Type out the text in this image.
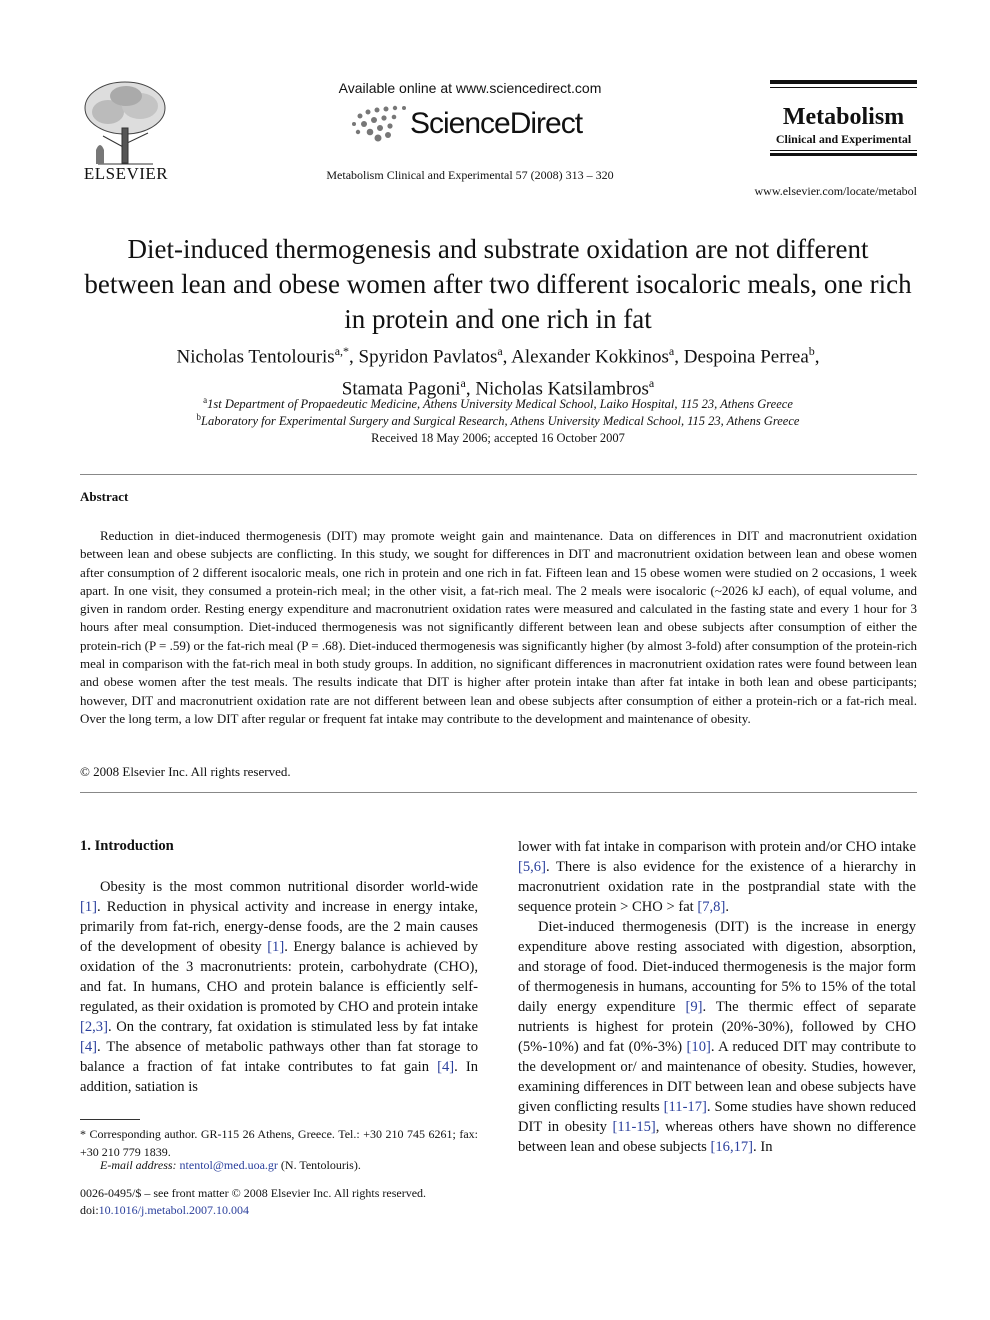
ELSEVIER
Available online at www.sciencedirect.com
ScienceDirect
Metabolism Clinical and Experimental 57 (2008) 313 – 320
Metabolism
Clinical and Experimental
www.elsevier.com/locate/metabol
Diet-induced thermogenesis and substrate oxidation are not different between lean and obese women after two different isocaloric meals, one rich in protein and one rich in fat
Nicholas Tentolouris$^{a,*}$, Spyridon Pavlatos$^a$, Alexander Kokkinos$^a$, Despoina Perrea$^b$,
Stamata Pagoni$^a$, Nicholas Katsilambros$^a$
$^a$1st Department of Propaedeutic Medicine, Athens University Medical School, Laiko Hospital, 115 23, Athens Greece
$^b$Laboratory for Experimental Surgery and Surgical Research, Athens University Medical School, 115 23, Athens Greece
Received 18 May 2006; accepted 16 October 2007
Abstract
Reduction in diet-induced thermogenesis (DIT) may promote weight gain and maintenance. Data on differences in DIT and macronutrient oxidation between lean and obese subjects are conflicting. In this study, we sought for differences in DIT and macronutrient oxidation between lean and obese women after consumption of 2 different isocaloric meals, one rich in protein and one rich in fat. Fifteen lean and 15 obese women were studied on 2 occasions, 1 week apart. In one visit, they consumed a protein-rich meal; in the other visit, a fat-rich meal. The 2 meals were isocaloric (~2026 kJ each), of equal volume, and given in random order. Resting energy expenditure and macronutrient oxidation rates were measured and calculated in the fasting state and every 1 hour for 3 hours after meal consumption. Diet-induced thermogenesis was not significantly different between lean and obese subjects after consumption of either the protein-rich (P = .59) or the fat-rich meal (P = .68). Diet-induced thermogenesis was significantly higher (by almost 3-fold) after consumption of the protein-rich meal in comparison with the fat-rich meal in both study groups. In addition, no significant differences in macronutrient oxidation rates were found between lean and obese women after the test meals. The results indicate that DIT is higher after protein intake than after fat intake in both lean and obese participants; however, DIT and macronutrient oxidation rate are not different between lean and obese subjects after consumption of either a protein-rich or a fat-rich meal. Over the long term, a low DIT after regular or frequent fat intake may contribute to the development and maintenance of obesity.
© 2008 Elsevier Inc. All rights reserved.
1. Introduction

Obesity is the most common nutritional disorder world-wide [1]. Reduction in physical activity and increase in energy intake, primarily from fat-rich, energy-dense foods, are the 2 main causes of the development of obesity [1]. Energy balance is achieved by oxidation of the 3 macronutrients: protein, carbohydrate (CHO), and fat. In humans, CHO and protein balance is efficiently self-regulated, as their oxidation is promoted by CHO and protein intake [2,3]. On the contrary, fat oxidation is stimulated less by fat intake [4]. The absence of metabolic pathways other than fat storage to balance a fraction of fat intake contributes to fat gain [4]. In addition, satiation is

lower with fat intake in comparison with protein and/or CHO intake [5,6]. There is also evidence for the existence of a hierarchy in macronutrient oxidation rate in the postprandial state with the sequence protein > CHO > fat [7,8].

Diet-induced thermogenesis (DIT) is the increase in energy expenditure above resting associated with digestion, absorption, and storage of food. Diet-induced thermogenesis is the major form of thermogenesis in humans, accounting for 5% to 15% of the total daily energy expenditure [9]. The thermic effect of separate nutrients is highest for protein (20%-30%), followed by CHO (5%-10%) and fat (0%-3%) [10]. A reduced DIT may contribute to the development or/ and maintenance of obesity. Studies, however, examining differences in DIT between lean and obese subjects have given conflicting results [11-17]. Some studies have shown reduced DIT in obesity [11-15], whereas others have shown no difference between lean and obese subjects [16,17]. In

* Corresponding author. GR-115 26 Athens, Greece. Tel.: +30 210 745 6261; fax: +30 210 779 1839.
E-mail address: ntentol@med.uoa.gr (N. Tentolouris).
0026-0495/$ – see front matter © 2008 Elsevier Inc. All rights reserved.
doi:10.1016/j.metabol.2007.10.004
